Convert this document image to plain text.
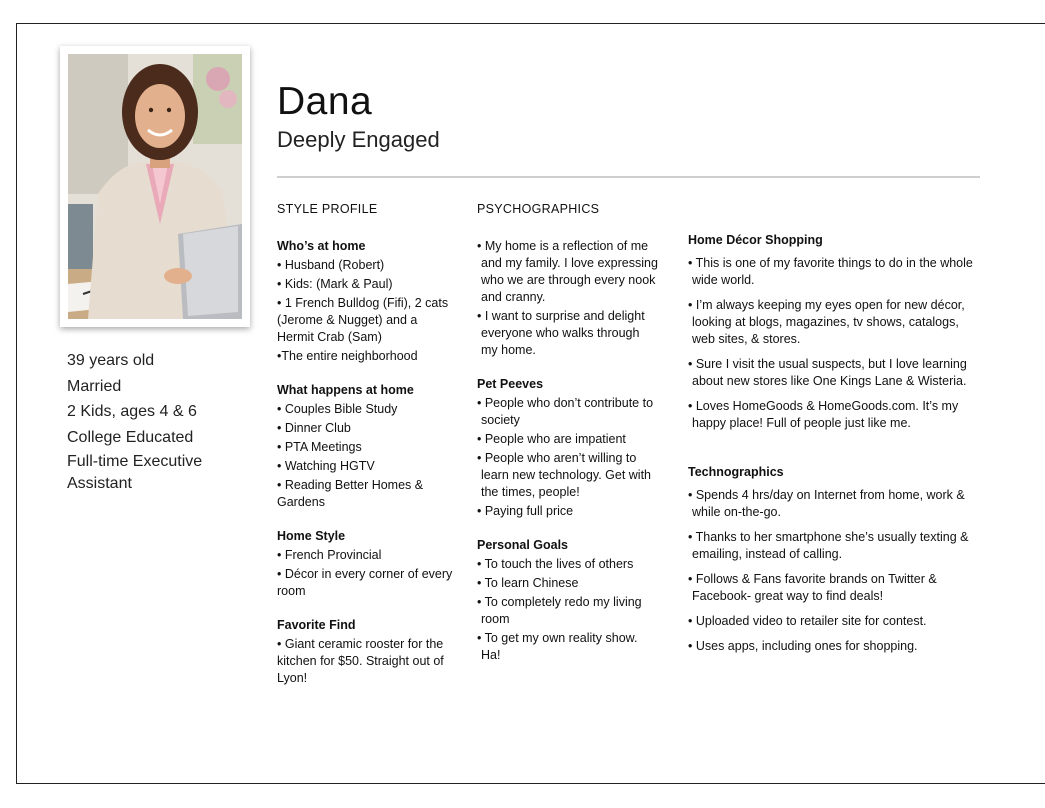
39 years old
Married
2 Kids, ages 4 & 6
College Educated
Full-time Executive
Assistant
Dana
Deeply Engaged
STYLE PROFILE
Who’s at home
• Husband (Robert)
• Kids: (Mark & Paul)
• 1 French Bulldog (Fifi), 2 cats (Jerome & Nugget) and a Hermit Crab (Sam)
•The entire neighborhood
What happens at home
• Couples Bible Study
• Dinner Club
• PTA Meetings
• Watching HGTV
• Reading Better Homes & Gardens
Home Style
• French Provincial
• Décor in every corner of every room
Favorite Find
• Giant ceramic rooster for the kitchen for $50. Straight out of Lyon!
PSYCHOGRAPHICS
• My home is a reflection of me and my family. I love expressing who we are through every nook and cranny.
• I want to surprise and delight everyone who walks through my home.
Pet Peeves
• People who don’t contribute to society
• People who are impatient
• People who aren’t willing to learn new technology. Get with the times, people!
• Paying full price
Personal Goals
• To touch the lives of others
• To learn Chinese
• To completely redo my living room
• To get my own reality show. Ha!
Home Décor Shopping
• This is one of my favorite things to do in the whole wide world.
• I’m always keeping my eyes open for new décor, looking at blogs, magazines, tv shows, catalogs, web sites, & stores.
• Sure I visit the usual suspects, but I love learning about new stores like One Kings Lane & Wisteria.
• Loves HomeGoods & HomeGoods.com. It’s my happy place! Full of people just like me.
Technographics
• Spends 4 hrs/day on Internet from home, work & while on-the-go.
• Thanks to her smartphone she’s usually texting & emailing, instead of calling.
• Follows & Fans favorite brands on Twitter & Facebook- great way to find deals!
• Uploaded video to retailer site for contest.
• Uses apps, including ones for shopping.
